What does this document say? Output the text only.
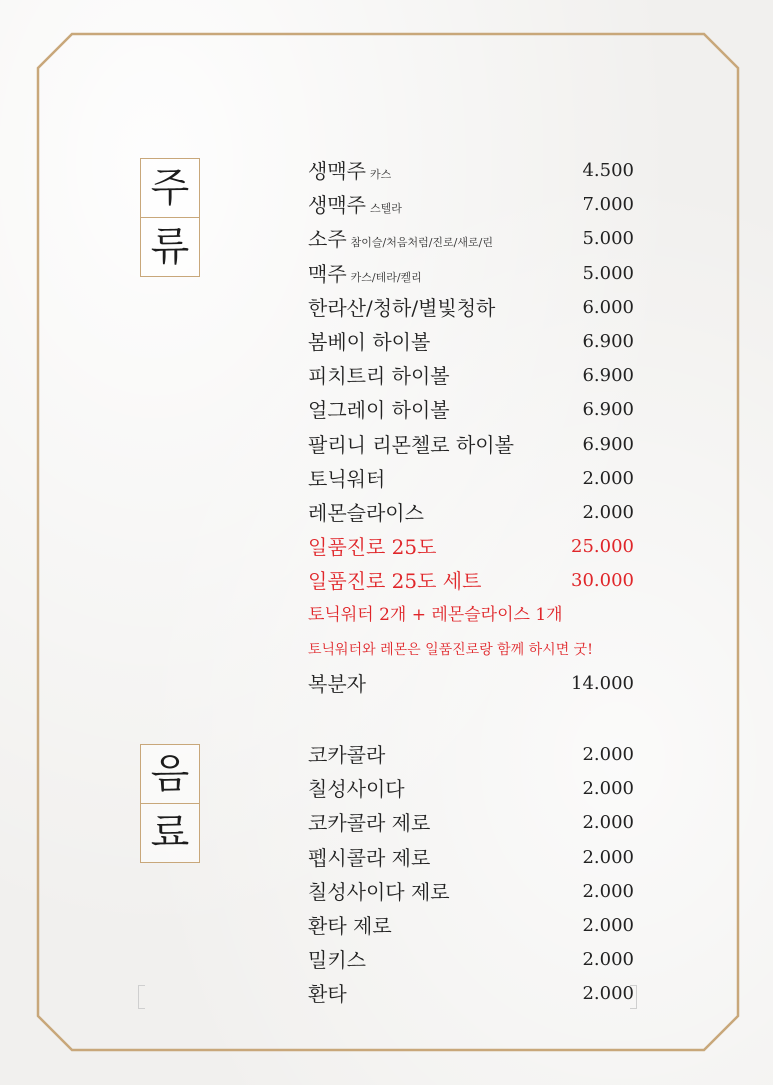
주
류
생맥주 카스	4.500
생맥주 스텔라	7.000
소주 참이슬/처음처럼/진로/새로/린	5.000
맥주 카스/테라/켈리	5.000
한라산/청하/별빛청하	6.000
봄베이 하이볼	6.900
피치트리 하이볼	6.900
얼그레이 하이볼	6.900
팔리니 리몬첼로 하이볼	6.900
토닉워터	2.000
레몬슬라이스	2.000
일품진로 25도	25.000
일품진로 25도 세트	30.000
토닉워터 2개 + 레몬슬라이스 1개
토닉워터와 레몬은 일품진로랑 함께 하시면 굿!
복분자	14.000
음
료
코카콜라	2.000
칠성사이다	2.000
코카콜라 제로	2.000
펩시콜라 제로	2.000
칠성사이다 제로	2.000
환타 제로	2.000
밀키스	2.000
환타	2.000
